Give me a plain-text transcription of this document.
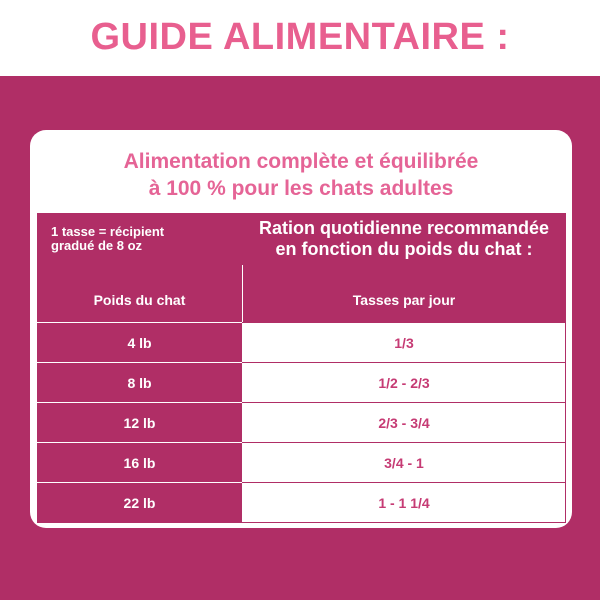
GUIDE ALIMENTAIRE :
Alimentation complète et équilibrée
à 100 % pour les chats adultes
1 tasse = récipient
gradué de 8 oz
Ration quotidienne recommandée
en fonction du poids du chat :
Poids du chat	Tasses par jour
4 lb	1/3
8 lb	1/2 - 2/3
12 lb	2/3 - 3/4
16 lb	3/4 - 1
22 lb	1 - 1 1/4
